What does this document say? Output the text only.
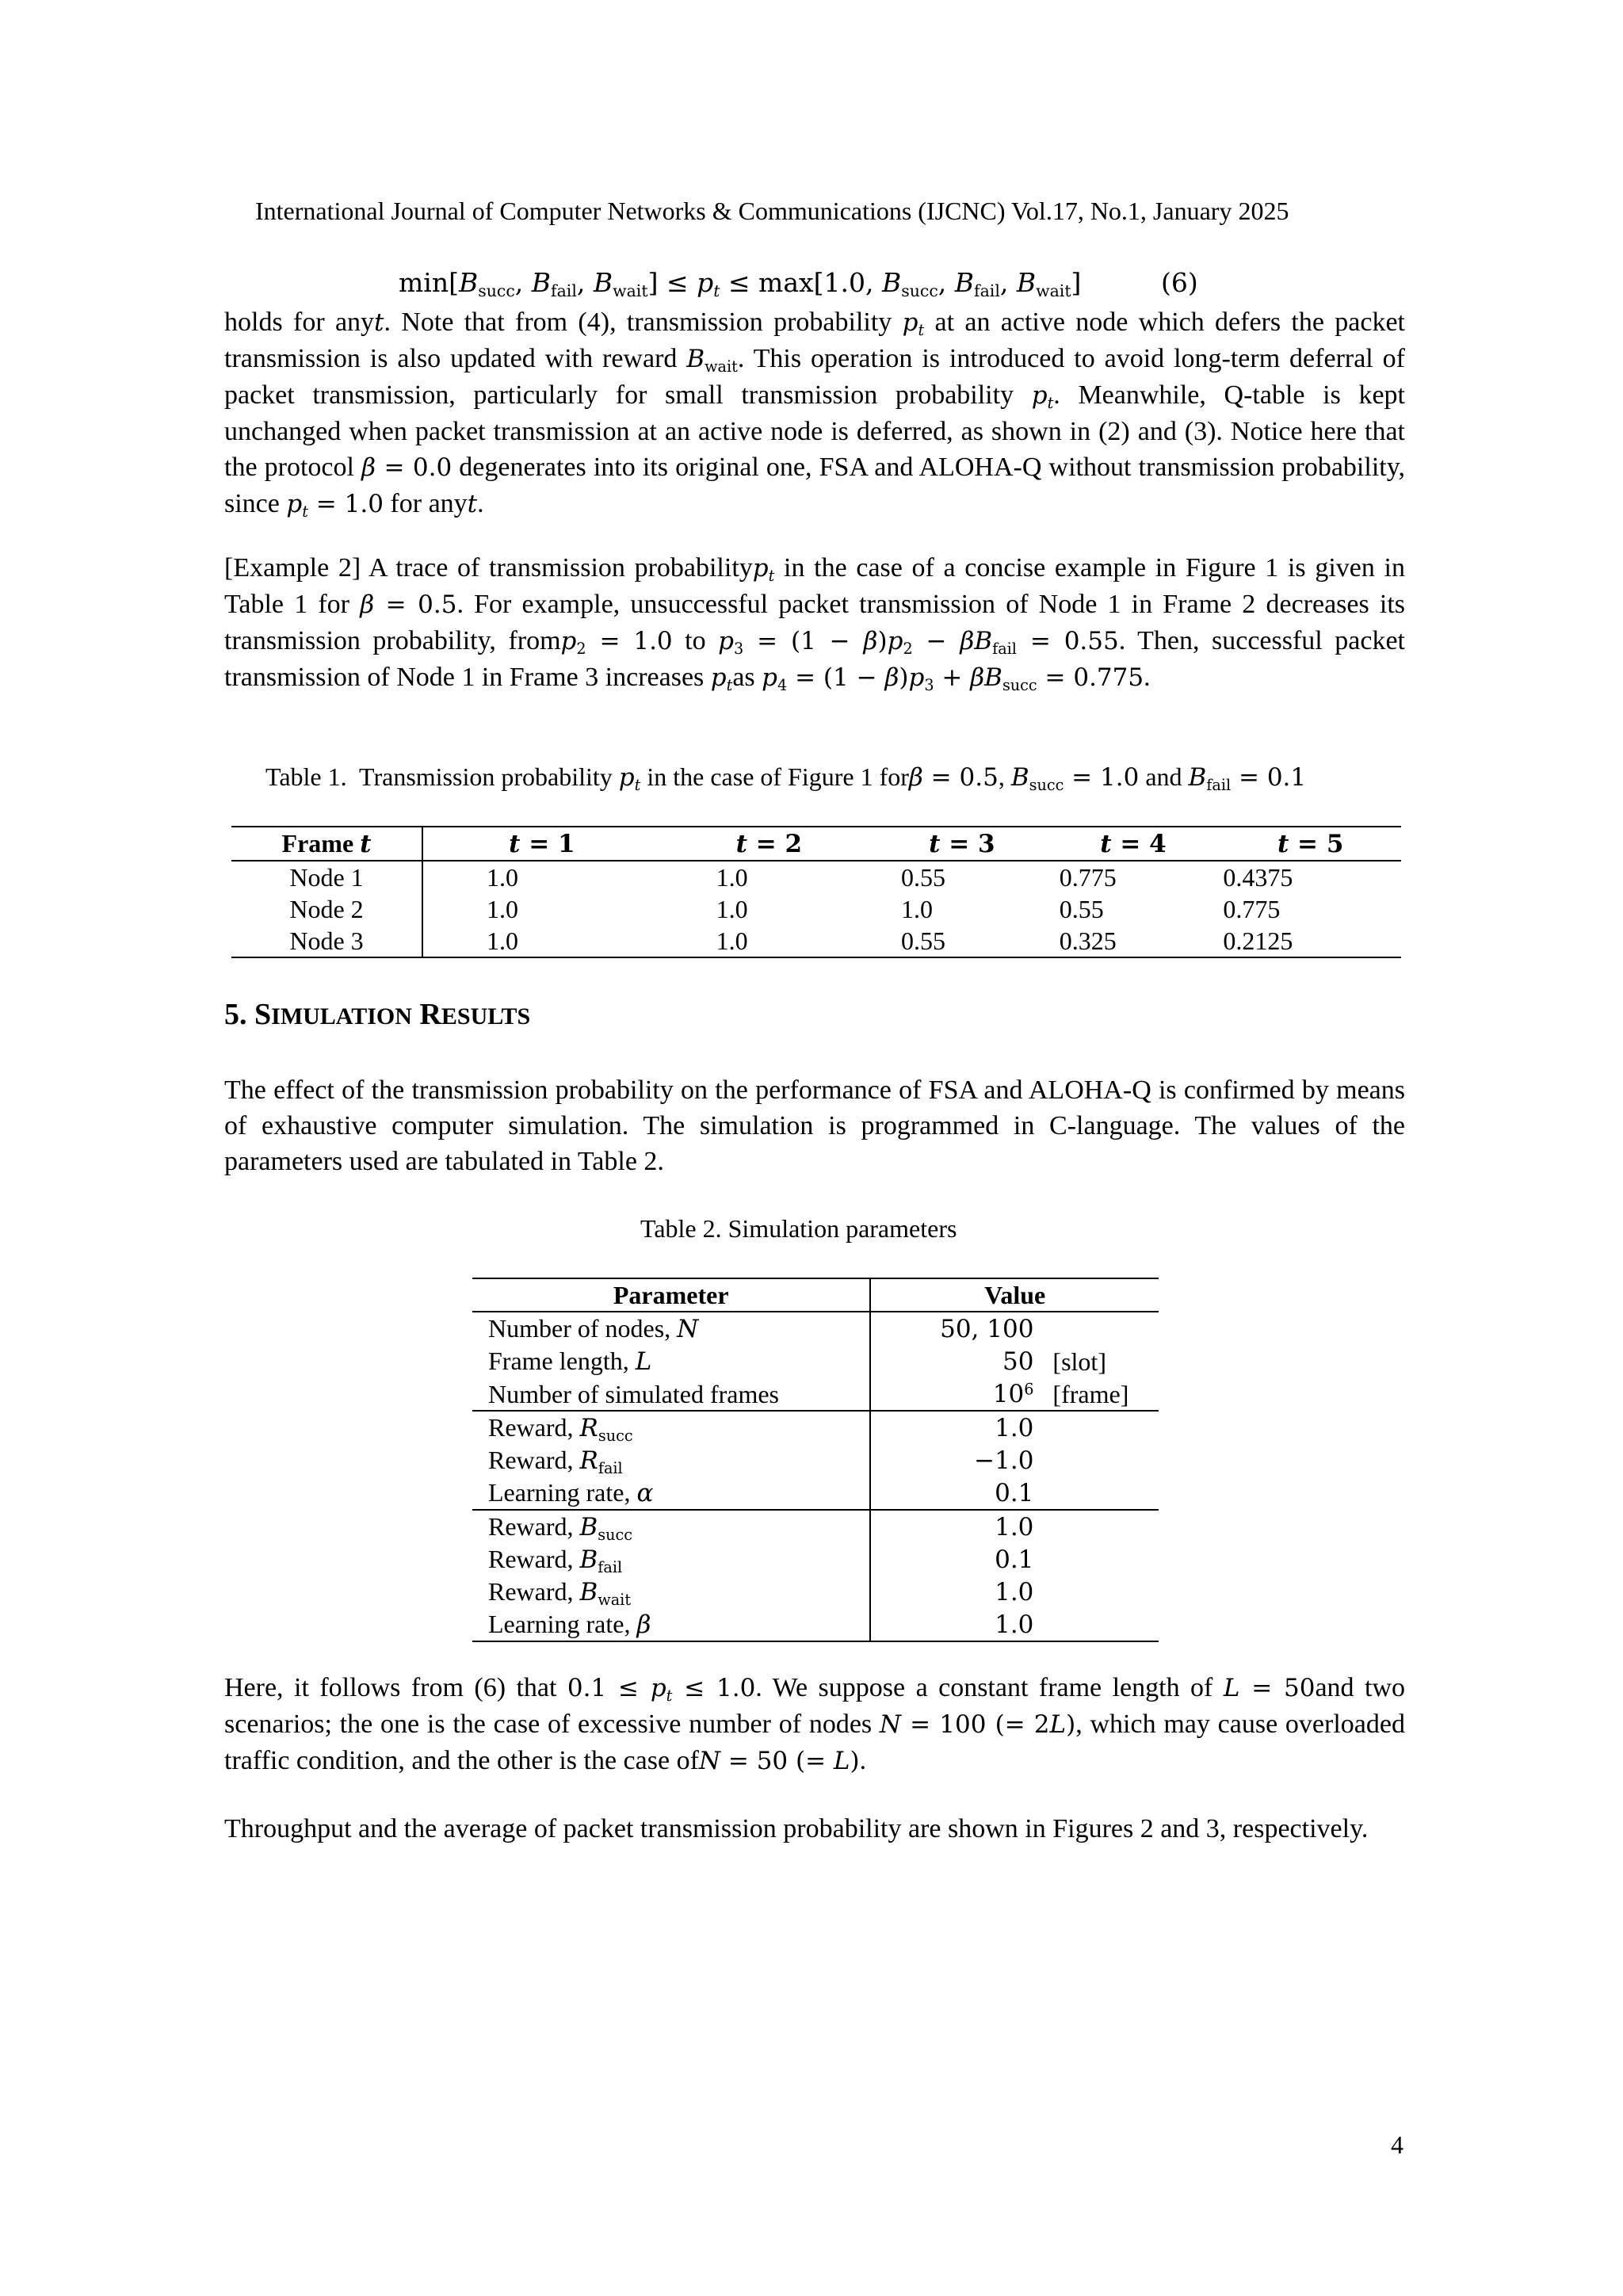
International Journal of Computer Networks & Communications (IJCNC) Vol.17, No.1, January 2025
$\min[B_{succ}$, $B_{fail}$, $B_{wait}] \le p_t \le \max[1.0$, $B_{succ}$, $B_{fail}$, $B_{wait}$]	(6)
holds for anyt. Note that from (4), transmission probability $p_t$ at an active node which defers the packet transmission is also updated with reward $B_{wait}$. This operation is introduced to avoid long-term deferral of packet transmission, particularly for small transmission probability $p_t$. Meanwhile, Q-table is kept unchanged when packet transmission at an active node is deferred, as shown in (2) and (3). Notice here that the protocol β = 0.0 degenerates into its original one, FSA and ALOHA-Q without transmission probability, since $p_t = 1.0$ for anyt.
[Example 2] A trace of transmission probabilityp$_t$ in the case of a concise example in Figure 1 is given in Table 1 for β = 0.5. For example, unsuccessful packet transmission of Node 1 in Frame 2 decreases its transmission probability, fromp$_2$ = 1.0 to $p_3 = (1 - \beta)p_2 - \beta B_{fail} = 0.55$. Then, successful packet transmission of Node 1 in Frame 3 increases $p_tas$ $p_4 = (1 - \beta)p_3 + \beta B_{succ} = 0.775$.
Table 1.  Transmission probability $p_t$ in the case of Figure 1 forβ = 0.5, $B_{succ} = 1.0$ and $B_{fail} = 0.1$
Frame t	t = 1	t = 2	t = 3	t = 4	t = 5
Node 1	1.0	1.0	0.55	0.775	0.4375
Node 2	1.0	1.0	1.0	0.55	0.775
Node 3	1.0	1.0	0.55	0.325	0.2125
5. SIMULATION RESULTS
The effect of the transmission probability on the performance of FSA and ALOHA-Q is confirmed by means of exhaustive computer simulation. The simulation is programmed in C-language. The values of the parameters used are tabulated in Table 2.
Table 2. Simulation parameters
Parameter	Value	
Number of nodes, N	50, 100	
Frame length, L	50	[slot]
Number of simulated frames	$10^6$	[frame]
Reward, $R_{succ}$	1.0	
Reward, $R_{fail}$	−1.0	
Learning rate, α	0.1	
Reward, $B_{succ}$	1.0	
Reward, $B_{fail}$	0.1	
Reward, $B_{wait}$	1.0	
Learning rate, β	1.0	
Here, it follows from (6) that $0.1 \le p_t \le 1.0$. We suppose a constant frame length of L = 50and two scenarios; the one is the case of excessive number of nodes N = 100 (= 2L), which may cause overloaded traffic condition, and the other is the case ofN = 50 (= L).
Throughput and the average of packet transmission probability are shown in Figures 2 and 3, respectively.
4
